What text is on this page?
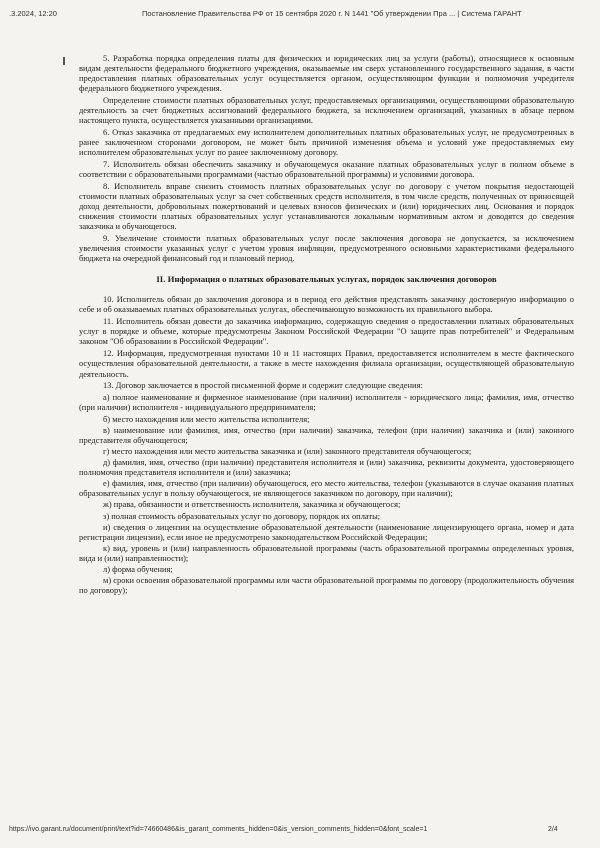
.3.2024, 12:20	Постановление Правительства РФ от 15 сентября 2020 г. N 1441 "Об утверждении Пра ... | Система ГАРАНТ

5. Разработка порядка определения платы для физических и юридических лиц за услуги (работы), относящиеся к основным видам деятельности федерального бюджетного учреждения, оказываемые им сверх установленного государственного задания, в части предоставления платных образовательных услуг осуществляется органом, осуществляющим функции и полномочия учредителя федерального бюджетного учреждения.

Определение стоимости платных образовательных услуг, предоставляемых организациями, осуществляющими образовательную деятельность за счет бюджетных ассигнований федерального бюджета, за исключением организаций, указанных в абзаце первом настоящего пункта, осуществляется указанными организациями.

6. Отказ заказчика от предлагаемых ему исполнителем дополнительных платных образовательных услуг, не предусмотренных в ранее заключенном сторонами договором, не может быть причиной изменения объема и условий уже предоставляемых ему исполнителем образовательных услуг по ранее заключенному договору.

7. Исполнитель обязан обеспечить заказчику и обучающемуся оказание платных образовательных услуг в полном объеме в соответствии с образовательными программами (частью образовательной программы) и условиями договора.

8. Исполнитель вправе снизить стоимость платных образовательных услуг по договору с учетом покрытия недостающей стоимости платных образовательных услуг за счет собственных средств исполнителя, в том числе средств, полученных от приносящей доход деятельности, добровольных пожертвований и целевых взносов физических и (или) юридических лиц. Основания и порядок снижения стоимости платных образовательных услуг устанавливаются локальным нормативным актом и доводятся до сведения заказчика и обучающегося.

9. Увеличение стоимости платных образовательных услуг после заключения договора не допускается, за исключением увеличения стоимости указанных услуг с учетом уровня инфляции, предусмотренного основными характеристиками федерального бюджета на очередной финансовый год и плановый период.

II. Информация о платных образовательных услугах, порядок заключения договоров

10. Исполнитель обязан до заключения договора и в период его действия представлять заказчику достоверную информацию о себе и об оказываемых платных образовательных услугах, обеспечивающую возможность их правильного выбора.

11. Исполнитель обязан довести до заказчика информацию, содержащую сведения о предоставлении платных образовательных услуг в порядке и объеме, которые предусмотрены Законом Российской Федерации "О защите прав потребителей" и Федеральным законом "Об образовании в Российской Федерации".

12. Информация, предусмотренная пунктами 10 и 11 настоящих Правил, предоставляется исполнителем в месте фактического осуществления образовательной деятельности, а также в месте нахождения филиала организации, осуществляющей образовательную деятельность.

13. Договор заключается в простой письменной форме и содержит следующие сведения:

а) полное наименование и фирменное наименование (при наличии) исполнителя - юридического лица; фамилия, имя, отчество (при наличии) исполнителя - индивидуального предпринимателя;

б) место нахождения или место жительства исполнителя;

в) наименование или фамилия, имя, отчество (при наличии) заказчика, телефон (при наличии) заказчика и (или) законного представителя обучающегося;

г) место нахождения или место жительства заказчика и (или) законного представителя обучающегося;

д) фамилия, имя, отчество (при наличии) представителя исполнителя и (или) заказчика, реквизиты документа, удостоверяющего полномочия представителя исполнителя и (или) заказчика;

е) фамилия, имя, отчество (при наличии) обучающегося, его место жительства, телефон (указываются в случае оказания платных образовательных услуг в пользу обучающегося, не являющегося заказчиком по договору, при наличии);

ж) права, обязанности и ответственность исполнителя, заказчика и обучающегося;

з) полная стоимость образовательных услуг по договору, порядок их оплаты;

и) сведения о лицензии на осуществление образовательной деятельности (наименование лицензирующего органа, номер и дата регистрации лицензии), если иное не предусмотрено законодательством Российской Федерации;

к) вид, уровень и (или) направленность образовательной программы (часть образовательной программы определенных уровня, вида и (или) направленности);

л) форма обучения;

м) сроки освоения образовательной программы или части образовательной программы по договору (продолжительность обучения по договору);

https://ivo.garant.ru/document/print/text?id=74660486&is_garant_comments_hidden=0&is_version_comments_hidden=0&font_scale=1	2/4
